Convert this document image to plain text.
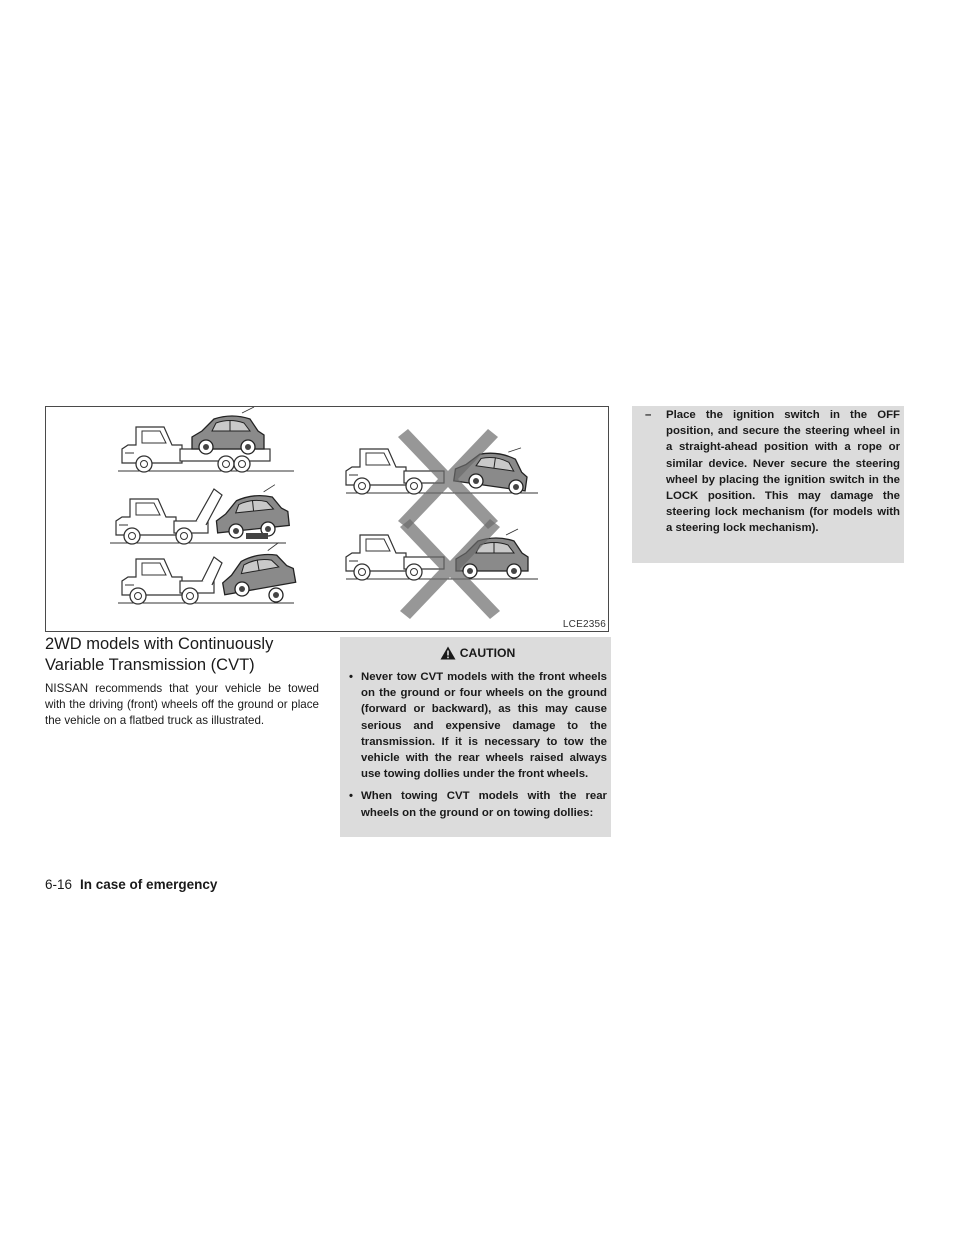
LCE2356
2WD models with Continuously Variable Transmission (CVT)

NISSAN recommends that your vehicle be towed with the driving (front) wheels off the ground or place the vehicle on a flatbed truck as illustrated.

CAUTION
• Never tow CVT models with the front wheels on the ground or four wheels on the ground (forward or backward), as this may cause serious and expensive damage to the transmission. If it is necessary to tow the vehicle with the rear wheels raised always use towing dollies under the front wheels.
• When towing CVT models with the rear wheels on the ground or on towing dollies:
– Place the ignition switch in the OFF position, and secure the steering wheel in a straight-ahead position with a rope or similar device. Never secure the steering wheel by placing the ignition switch in the LOCK position. This may damage the steering lock mechanism (for models with a steering lock mechanism).
6-16 In case of emergency
